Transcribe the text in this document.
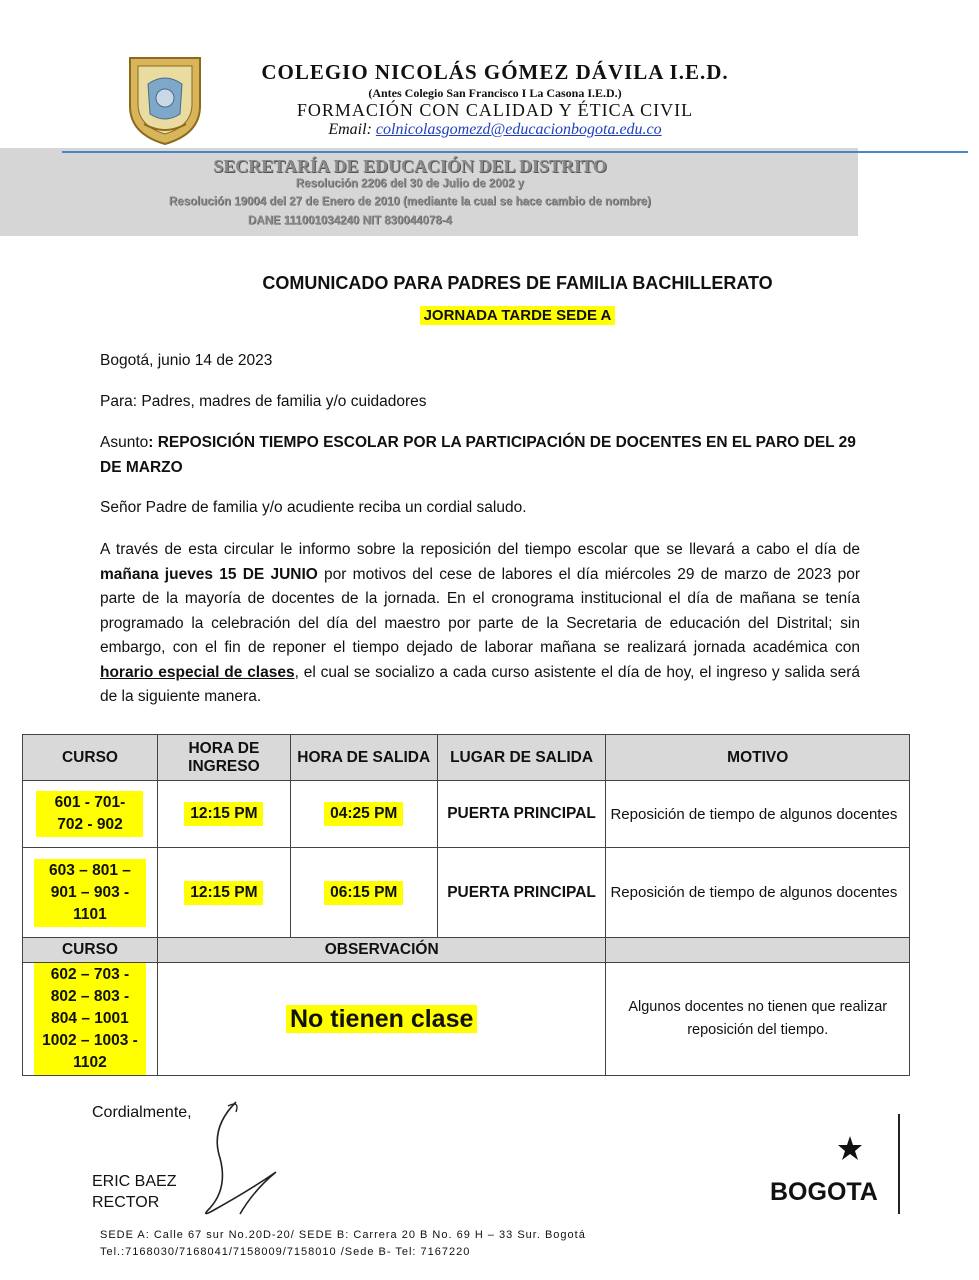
COLEGIO NICOLÁS GÓMEZ DÁVILA I.E.D.
(Antes Colegio San Francisco I La Casona I.E.D.)
FORMACIÓN CON CALIDAD Y ÉTICA CIVIL
Email: colnicolasgomezd@educacionbogota.edu.co
SECRETARÍA DE EDUCACIÓN DEL DISTRITO
Resolución 2206 del 30 de Julio de 2002 y
Resolución 19004 del 27 de Enero de 2010 (mediante la cual se hace cambio de nombre)
DANE 111001034240 NIT 830044078-4
COMUNICADO PARA PADRES DE FAMILIA BACHILLERATO
JORNADA TARDE SEDE A
Bogotá, junio 14 de 2023
Para: Padres, madres de familia y/o cuidadores
Asunto: REPOSICIÓN TIEMPO ESCOLAR POR LA PARTICIPACIÓN DE DOCENTES EN EL PARO DEL 29 DE MARZO
Señor Padre de familia y/o acudiente reciba un cordial saludo.
A través de esta circular le informo sobre la reposición del tiempo escolar que se llevará a cabo el día de mañana jueves 15 DE JUNIO por motivos del cese de labores el día miércoles 29 de marzo de 2023 por parte de la mayoría de docentes de la jornada. En el cronograma institucional el día de mañana se tenía programado la celebración del día del maestro por parte de la Secretaria de educación del Distrital; sin embargo, con el fin de reponer el tiempo dejado de laborar mañana se realizará jornada académica con horario especial de clases, el cual se socializo a cada curso asistente el día de hoy, el ingreso y salida será de la siguiente manera.
CURSO	HORA DE INGRESO	HORA DE SALIDA	LUGAR DE SALIDA	MOTIVO
601 - 701- 702 - 902	12:15 PM	04:25 PM	PUERTA PRINCIPAL	Reposición de tiempo de algunos docentes
603 – 801 – 901 – 903 - 1101	12:15 PM	06:15 PM	PUERTA PRINCIPAL	Reposición de tiempo de algunos docentes
CURSO	OBSERVACIÓN			
602 – 703 - 802 – 803 - 804 – 1001 1002 – 1003 - 1102	No tienen clase			Algunos docentes no tienen que realizar reposición del tiempo.
Cordialmente,
ERIC BAEZ
RECTOR	BOGOTA
SEDE A: Calle 67 sur No.20D-20/ SEDE B: Carrera 20 B No. 69 H – 33 Sur. Bogotá
Tel.:7168030/7168041/7158009/7158010 /Sede B- Tel: 7167220
